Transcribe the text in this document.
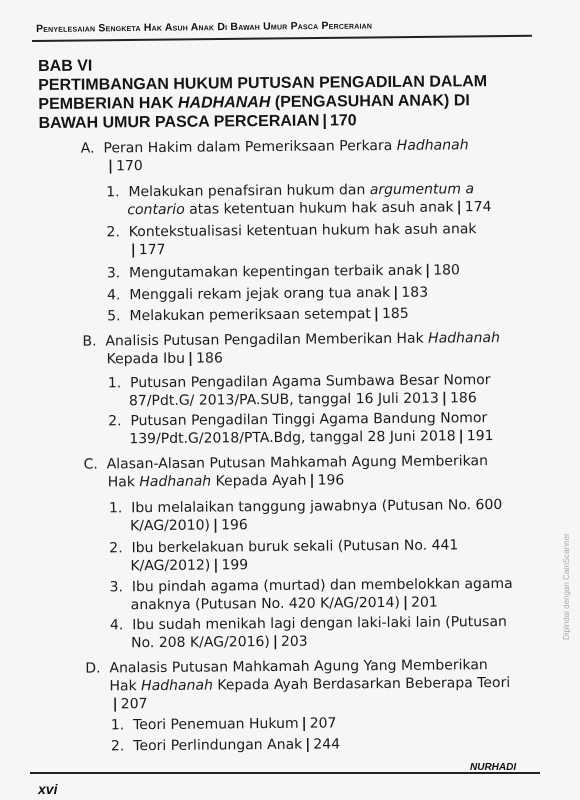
Penyelesaian Sengketa Hak Asuh Anak Di Bawah Umur Pasca Perceraian
BAB VI
PERTIMBANGAN HUKUM PUTUSAN PENGADILAN DALAM
PEMBERIAN HAK HADHANAH (PENGASUHAN ANAK) DI
BAWAH UMUR PASCA PERCERAIAN | 170
A. Peran Hakim dalam Pemeriksaan Perkara Hadhanah
| 170
1. Melakukan penafsiran hukum dan argumentum a
contario atas ketentuan hukum hak asuh anak | 174
2. Kontekstualisasi ketentuan hukum hak asuh anak
| 177
3. Mengutamakan kepentingan terbaik anak | 180
4. Menggali rekam jejak orang tua anak | 183
5. Melakukan pemeriksaan setempat | 185
B. Analisis Putusan Pengadilan Memberikan Hak Hadhanah
Kepada Ibu | 186
1. Putusan Pengadilan Agama Sumbawa Besar Nomor
87/Pdt.G/ 2013/PA.SUB, tanggal 16 Juli 2013 | 186
2. Putusan Pengadilan Tinggi Agama Bandung Nomor
139/Pdt.G/2018/PTA.Bdg, tanggal 28 Juni 2018 | 191
C. Alasan-Alasan Putusan Mahkamah Agung Memberikan
Hak Hadhanah Kepada Ayah | 196
1. Ibu melalaikan tanggung jawabnya (Putusan No. 600
K/AG/2010) | 196
2. Ibu berkelakuan buruk sekali (Putusan No. 441
K/AG/2012) | 199
3. Ibu pindah agama (murtad) dan membelokkan agama
anaknya (Putusan No. 420 K/AG/2014) | 201
4. Ibu sudah menikah lagi dengan laki-laki lain (Putusan
No. 208 K/AG/2016) | 203
D. Analasis Putusan Mahkamah Agung Yang Memberikan
Hak Hadhanah Kepada Ayah Berdasarkan Beberapa Teori
| 207
1. Teori Penemuan Hukum | 207
2. Teori Perlindungan Anak | 244
Dipindai dengan CamScanner
NURHADI
xvi
